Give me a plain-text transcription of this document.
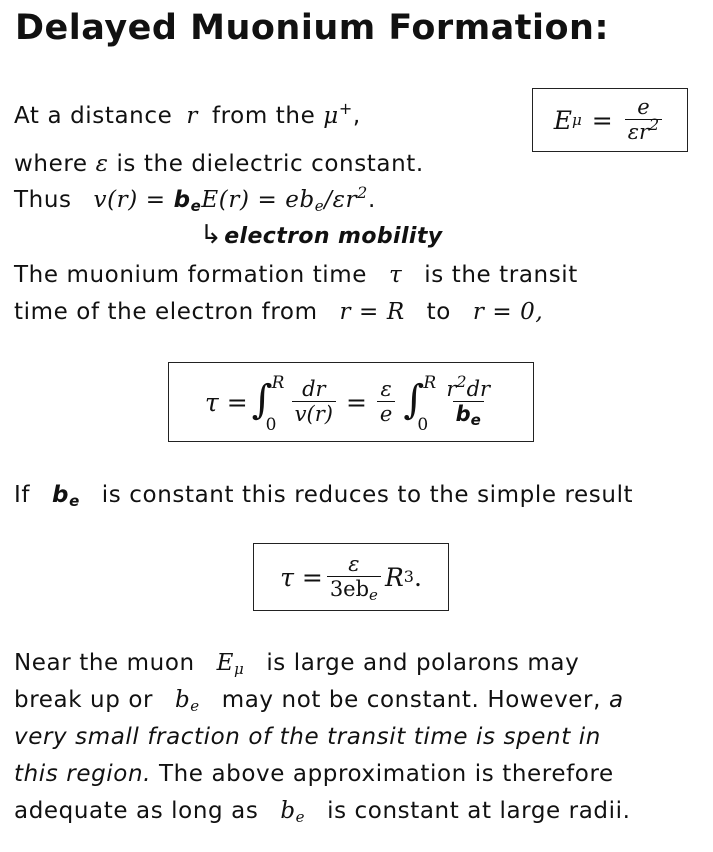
Delayed Muonium Formation:
At a distance r from the μ+,	E $\mu = \frac{e}{\varepsilon r^2}$
where ε is the dielectric constant.
Thus $v(r) = b_eE(r) = eb_e/\varepsilon r^2$.
↳electron mobility
The muonium formation time τ is the transit
time of the electron from r = R to r = 0,
τ = ∫ R
$0 \frac{dr}{v(r)} = \frac{\varepsilon}{e}$ ∫ R
$0 \frac{r^2dr}{b_e}$
If $b_e$ is constant this reduces to the simple result
$\tau = \frac{\varepsilon}{3eb_e}$ R 3 .
Near the muon $E_\mu$ is large and polarons may
break up or $b_e$ may not be constant. However, a
very small fraction of the transit time is spent in
this region. The above approximation is therefore
adequate as long as $b_e$ is constant at large radii.
